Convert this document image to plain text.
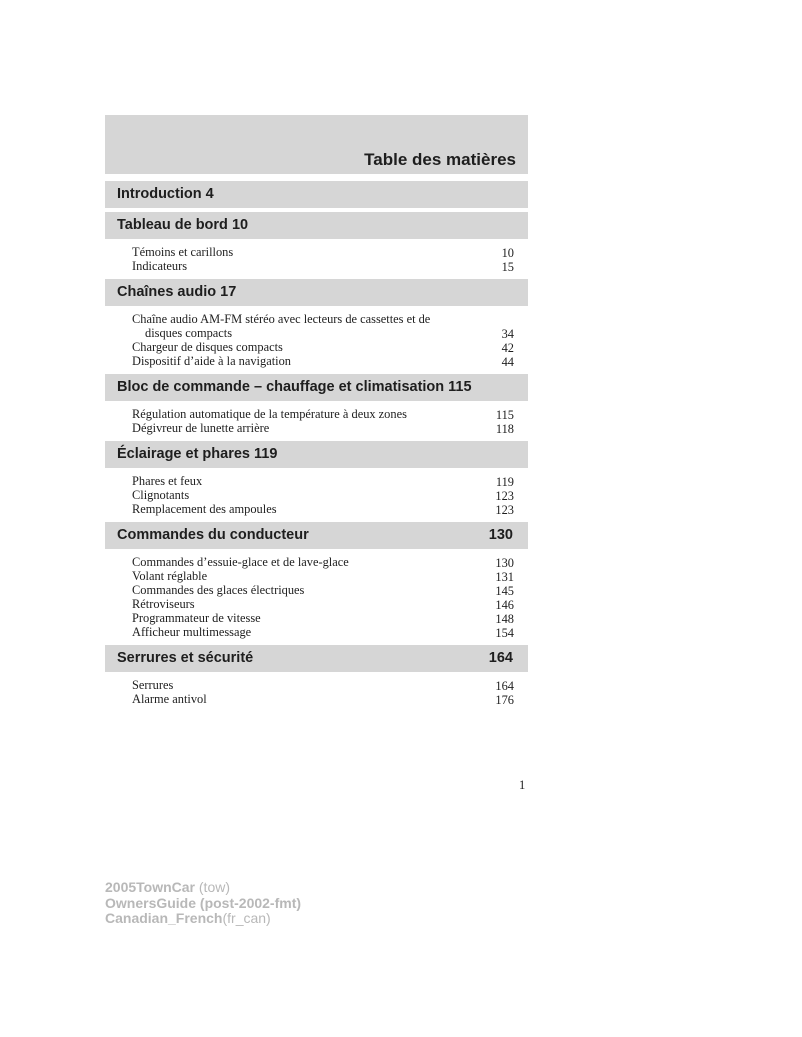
Table des matières
Introduction 4
Tableau de bord 10
Témoins et carillons	10
Indicateurs	15
Chaînes audio 17
Chaîne audio AM-FM stéréo avec lecteurs de cassettes et de
disques compacts	34
Chargeur de disques compacts	42
Dispositif d’aide à la navigation	44
Bloc de commande – chauffage et climatisation 115
Régulation automatique de la température à deux zones	115
Dégivreur de lunette arrière	118
Éclairage et phares 119
Phares et feux	119
Clignotants	123
Remplacement des ampoules	123
Commandes du conducteur	130
Commandes d’essuie-glace et de lave-glace	130
Volant réglable	131
Commandes des glaces électriques	145
Rétroviseurs	146
Programmateur de vitesse	148
Afficheur multimessage	154
Serrures et sécurité	164
Serrures	164
Alarme antivol	176
1
2005TownCar (tow)
OwnersGuide (post-2002-fmt)
Canadian_French(fr_can)
